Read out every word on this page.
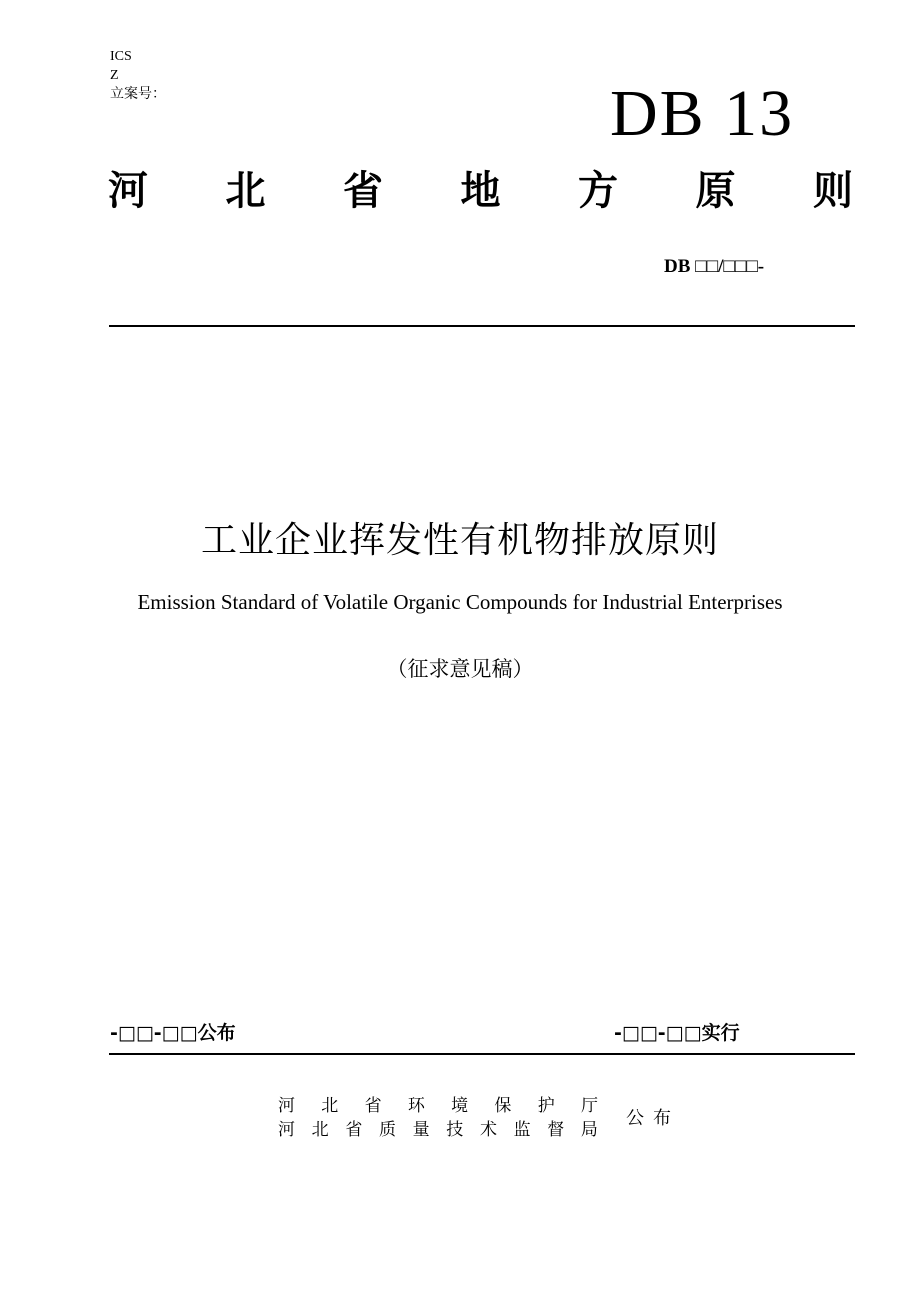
ICS
Z
立案号：	DB 13
河 北 省 地 方 原 则
DB □□/□□□-
工业企业挥发性有机物排放原则
Emission Standard of Volatile Organic Compounds for Industrial Enterprises
（征求意见稿）
-□□-□□公布	-□□-□□实行
河 北 省 环 境 保 护 厅
河 北 省 质 量 技 术 监 督 局
公布
